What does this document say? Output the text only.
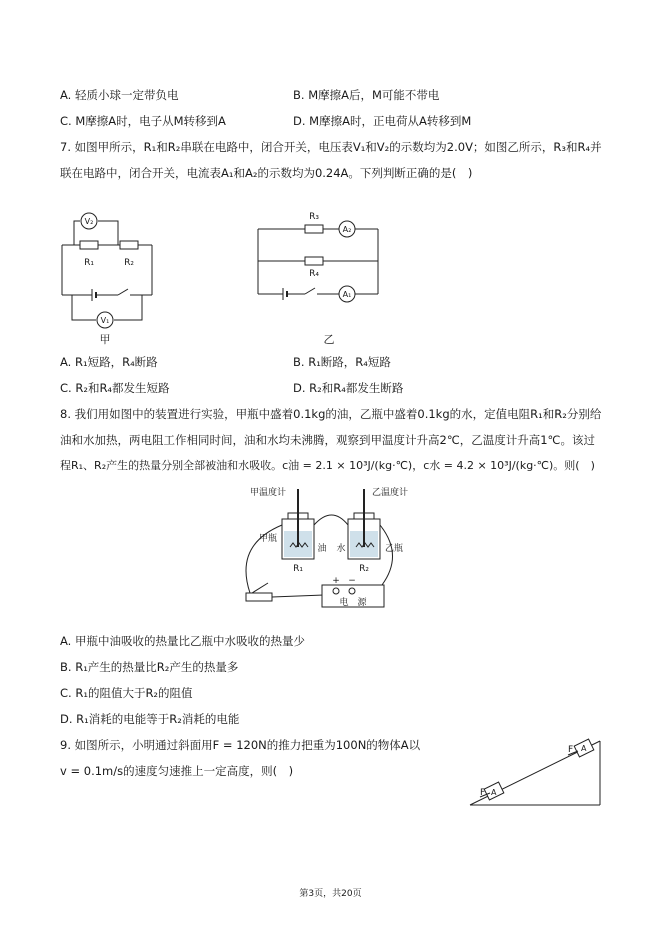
A. 轻质小球一定带负电	B. M摩擦A后，M可能不带电
C. M摩擦A时，电子从M转移到A	D. M摩擦A时，正电荷从A转移到M
7. 如图甲所示，R₁和R₂串联在电路中，闭合开关，电压表V₁和V₂的示数均为2.0V；如图乙所示，R₃和R₄并
联在电路中，闭合开关，电流表A₁和A₂的示数均为0.24A。下列判断正确的是(　)
V₂
R₁	R₂
V₁
甲
R₃
A₂
R₄
A₁
乙
A. R₁短路，R₄断路	B. R₁断路，R₄短路
C. R₂和R₄都发生短路	D. R₂和R₄都发生断路
8. 我们用如图中的装置进行实验，甲瓶中盛着0.1kg的油，乙瓶中盛着0.1kg的水，定值电阻R₁和R₂分别给
油和水加热，两电阻工作相同时间，油和水均未沸腾，观察到甲温度计升高2℃，乙温度计升高1℃。该过
程R₁、R₂产生的热量分别全部被油和水吸收。c油 = 2.1 × 10³J/(kg·℃)，c水 = 4.2 × 10³J/(kg·℃)。则(　)
甲温度计	乙温度计
甲瓶
油 水	乙瓶
R₁	R₂
+ −
电　源
A. 甲瓶中油吸收的热量比乙瓶中水吸收的热量少
B. R₁产生的热量比R₂产生的热量多
C. R₁的阻值大于R₂的阻值
D. R₁消耗的电能等于R₂消耗的电能
9. 如图所示，小明通过斜面用F = 120N的推力把重为100N的物体A以
v = 0.1m/s的速度匀速推上一定高度，则(　)
F A
F A
第3页，共20页
